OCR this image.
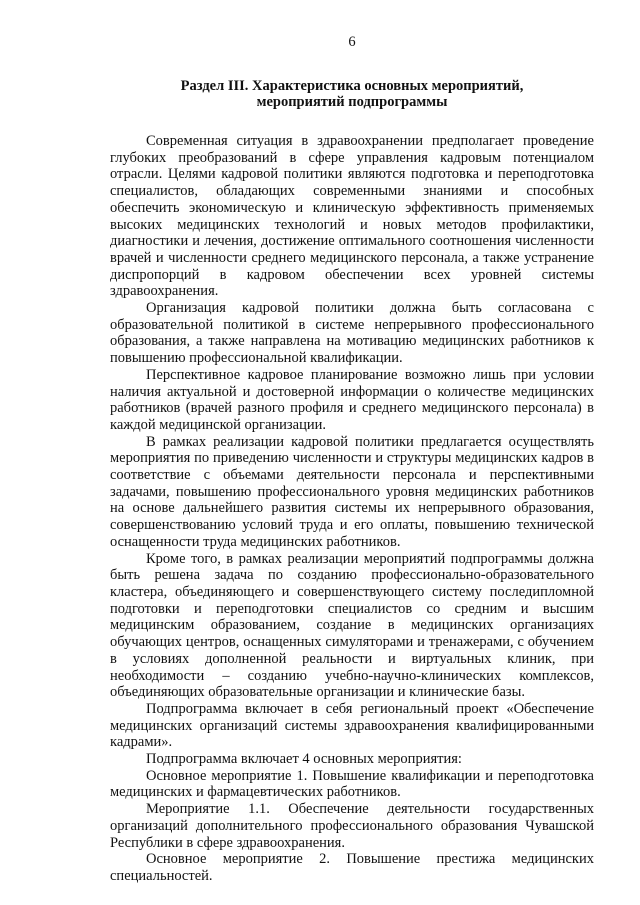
6
Раздел III. Характеристика основных мероприятий,
мероприятий подпрограммы

Современная ситуация в здравоохранении предполагает проведение глубоких преобразований в сфере управления кадровым потенциалом отрасли. Целями кадровой политики являются подготовка и переподготовка специалистов, обладающих современными знаниями и способных обеспечить экономическую и клиническую эффективность применяемых высоких медицинских технологий и новых методов профилактики, диагностики и лечения, достижение оптимального соотношения численности врачей и численности среднего медицинского персонала, а также устранение диспропорций в кадровом обеспечении всех уровней системы здравоохранения.

Организация кадровой политики должна быть согласована с образовательной политикой в системе непрерывного профессионального образования, а также направлена на мотивацию медицинских работников к повышению профессиональной квалификации.

Перспективное кадровое планирование возможно лишь при условии наличия актуальной и достоверной информации о количестве медицинских работников (врачей разного профиля и среднего медицинского персонала) в каждой медицинской организации.

В рамках реализации кадровой политики предлагается осуществлять мероприятия по приведению численности и структуры медицинских кадров в соответствие с объемами деятельности персонала и перспективными задачами, повышению профессионального уровня медицинских работников на основе дальнейшего развития системы их непрерывного образования, совершенствованию условий труда и его оплаты, повышению технической оснащенности труда медицинских работников.

Кроме того, в рамках реализации мероприятий подпрограммы должна быть решена задача по созданию профессионально-образовательного кластера, объединяющего и совершенствующего систему последипломной подготовки и переподготовки специалистов со средним и высшим медицинским образованием, создание в медицинских организациях обучающих центров, оснащенных симуляторами и тренажерами, с обучением в условиях дополненной реальности и виртуальных клиник, при необходимости – созданию учебно-научно-клинических комплексов, объединяющих образовательные организации и клинические базы.

Подпрограмма включает в себя региональный проект «Обеспечение медицинских организаций системы здравоохранения квалифицированными кадрами».

Подпрограмма включает 4 основных мероприятия:

Основное мероприятие 1. Повышение квалификации и переподготовка медицинских и фармацевтических работников.

Мероприятие 1.1. Обеспечение деятельности государственных организаций дополнительного профессионального образования Чувашской Республики в сфере здравоохранения.

Основное мероприятие 2. Повышение престижа медицинских специальностей.
